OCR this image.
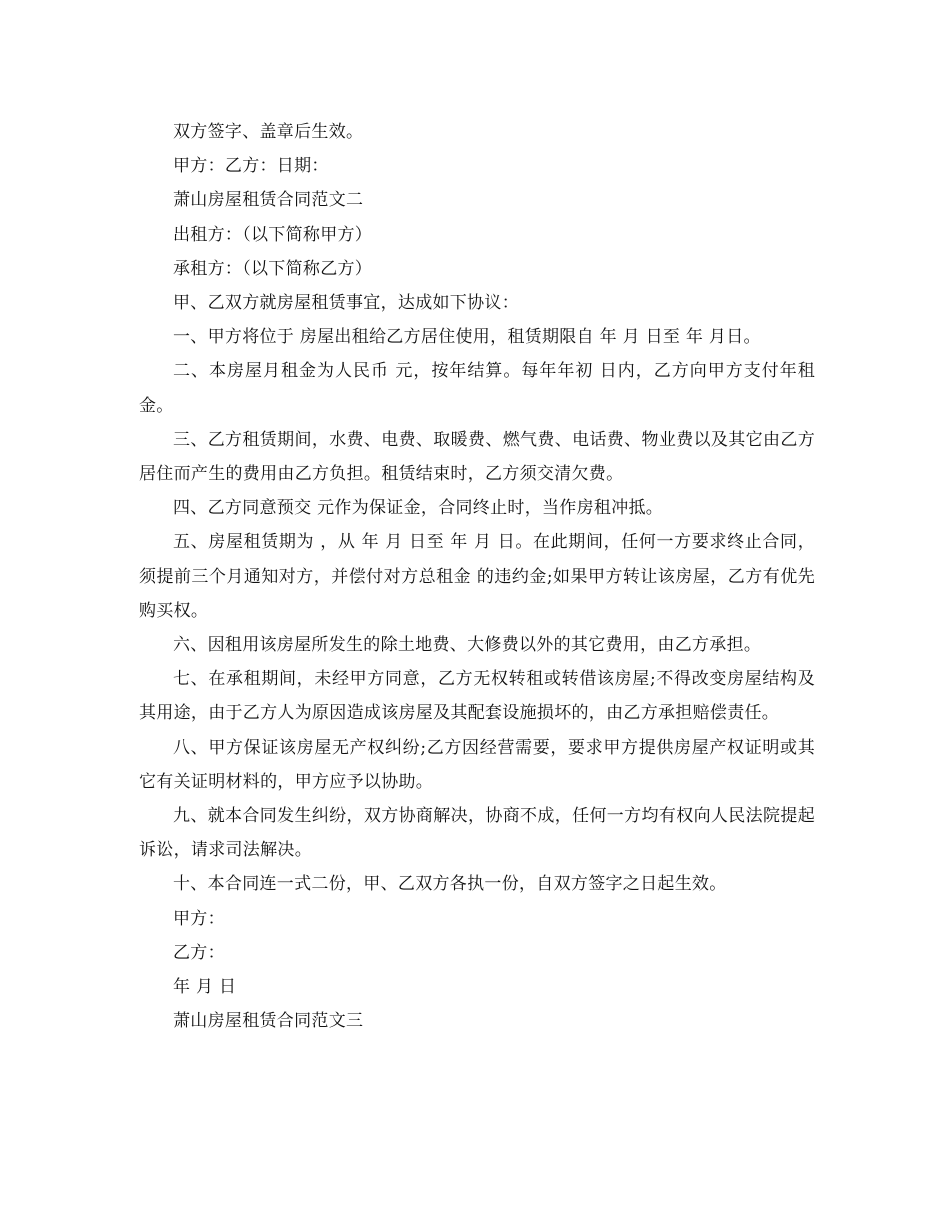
双方签字、盖章后生效。

甲方：乙方：日期：

萧山房屋租赁合同范文二

出租方：（以下简称甲方）

承租方：（以下简称乙方）

甲、乙双方就房屋租赁事宜，达成如下协议：

一、甲方将位于 房屋出租给乙方居住使用，租赁期限自 年 月 日至 年 月日。

二、本房屋月租金为人民币 元，按年结算。每年年初 日内，乙方向甲方支付年租金。

三、乙方租赁期间，水费、电费、取暖费、燃气费、电话费、物业费以及其它由乙方居住而产生的费用由乙方负担。租赁结束时，乙方须交清欠费。

四、乙方同意预交 元作为保证金，合同终止时，当作房租冲抵。

五、房屋租赁期为 ，从 年 月 日至 年 月 日。在此期间，任何一方要求终止合同，须提前三个月通知对方，并偿付对方总租金 的违约金;如果甲方转让该房屋，乙方有优先购买权。

六、因租用该房屋所发生的除土地费、大修费以外的其它费用，由乙方承担。

七、在承租期间，未经甲方同意，乙方无权转租或转借该房屋;不得改变房屋结构及其用途，由于乙方人为原因造成该房屋及其配套设施损坏的，由乙方承担赔偿责任。

八、甲方保证该房屋无产权纠纷;乙方因经营需要，要求甲方提供房屋产权证明或其它有关证明材料的，甲方应予以协助。

九、就本合同发生纠纷，双方协商解决，协商不成，任何一方均有权向人民法院提起诉讼，请求司法解决。

十、本合同连一式二份，甲、乙双方各执一份，自双方签字之日起生效。

甲方：

乙方：

年 月 日

萧山房屋租赁合同范文三
